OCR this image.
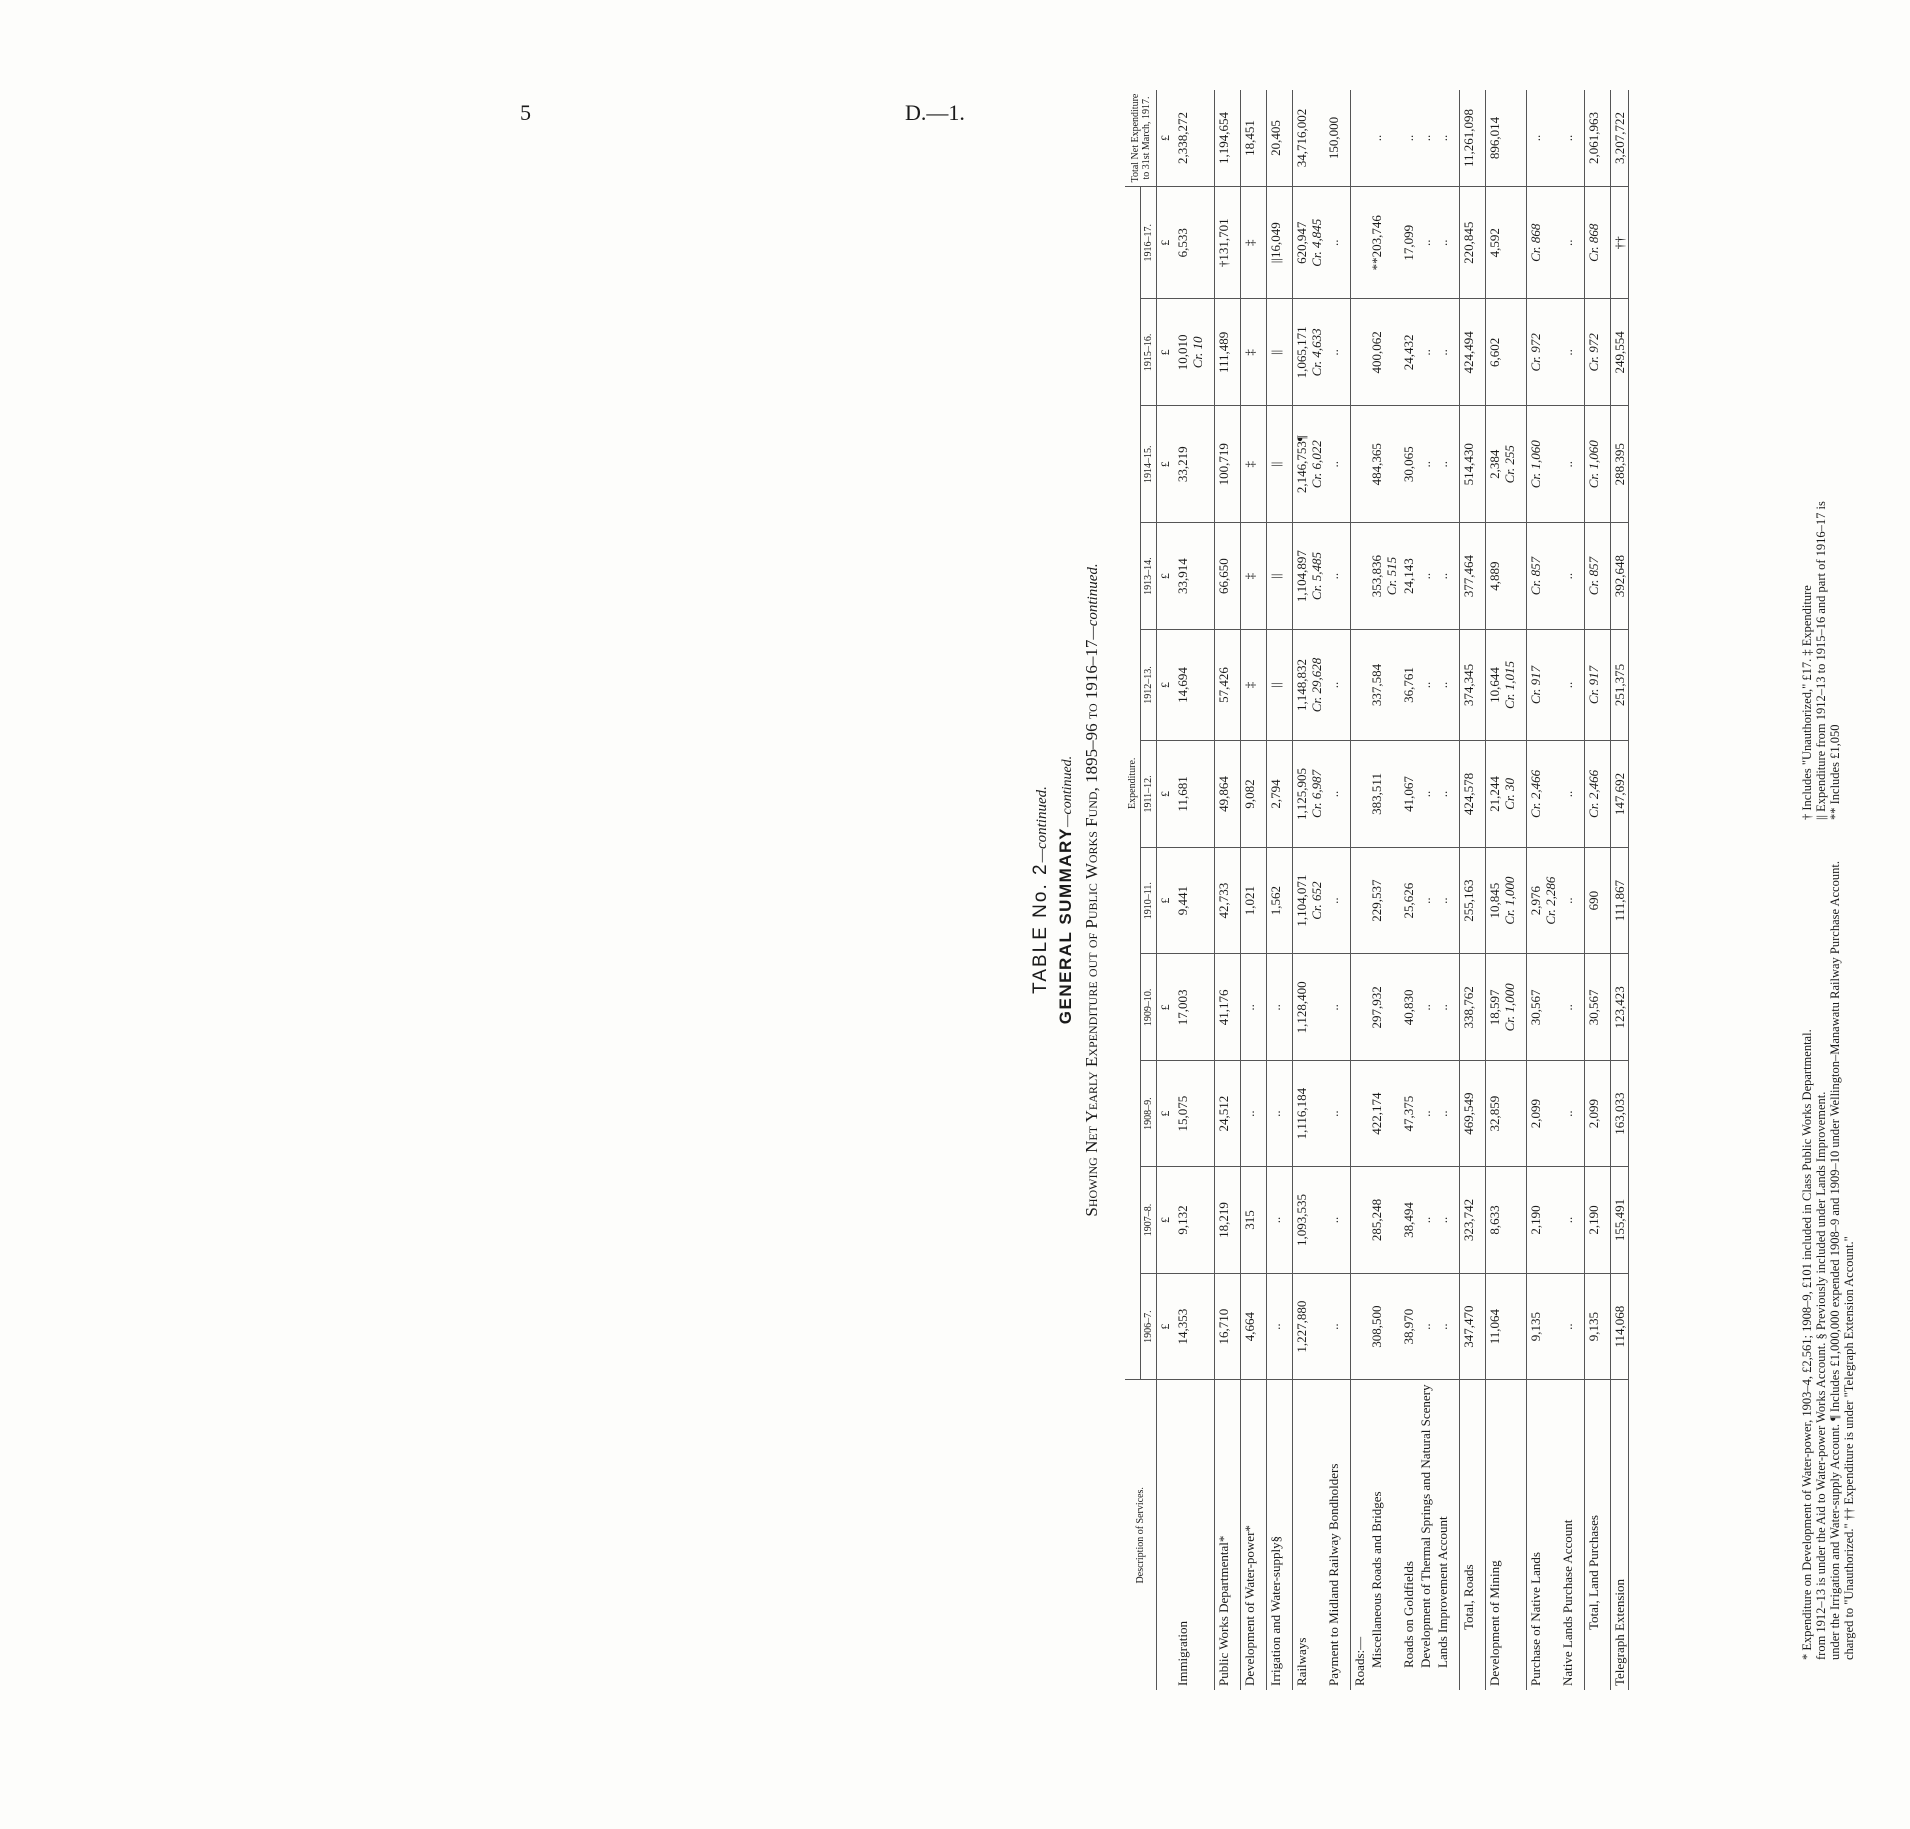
5	D.—1.
TABLE No. 2—continued.
GENERAL SUMMARY—continued. Showing Net Yearly Expenditure out of Public Works Fund, 1895–96 to 1916–17—continued.
Description of Services.	Expenditure.											Total Net Expenditure to 31st March, 1917.
	1906–7.	1907–8.	1908–9.	1909–10.	1910–11.	1911–12.	1912–13.	1913–14.	1914–15.	1915–16.	1916–17.	
	£	£	£	£	£	£	£	£	£	£	£	£
Immigration	14,353	9,132	15,075	17,003	9,441	11,681	14,694	33,914	33,219	10,010 Cr. 10	6,533	2,338,272

Public Works Departmental*	16,710	18,219	24,512	41,176	42,733	49,864	57,426	66,650	100,719	111,489	†131,701	1,194,654

Development of Water-power*	4,664	315	..	..	1,021	9,082	‡	‡	‡	‡	‡	18,451

Irrigation and Water-supply§	..	..	..	..	1,562	2,794	||	||	||	||	||16,049	20,405

Railways	1,227,880	1,093,535	1,116,184	1,128,400	1,104,071 Cr. 652	1,125,905 Cr. 6,987	1,148,832 Cr. 29,628	1,104,897 Cr. 5,485	2,146,753¶ Cr. 6,022	1,065,171 Cr. 4,633	620,947 Cr. 4,845	34,716,002
Payment to Midland Railway Bondholders	..	..	..	..	..	..	..	..	..	..	..	150,000

Roads:—												
Miscellaneous Roads and Bridges	308,500	285,248	422,174	297,932	229,537	383,511	337,584	353,836 Cr. 515	484,365	400,062	**203,746	..
Roads on Goldfields	38,970	38,494	47,375	40,830	25,626	41,067	36,761	24,143	30,065	24,432	17,099	..
Development of Thermal Springs and Natural Scenery	..	..	..	..	..	..	..	..	..	..	..	..
Lands Improvement Account	..	..	..	..	..	..	..	..	..	..	..	..

Total, Roads	347,470	323,742	469,549	338,762	255,163	424,578	374,345	377,464	514,430	424,494	220,845	11,261,098

Development of Mining	11,064	8,633	32,859	18,597 Cr. 1,000	10,845 Cr. 1,000	21,244 Cr. 30	10,644 Cr. 1,015	4,889	2,384 Cr. 255	6,602	4,592	896,014

Purchase of Native Lands	9,135	2,190	2,099	30,567	2,976 Cr. 2,286	Cr. 2,466	Cr. 917	Cr. 857	Cr. 1,060	Cr. 972	Cr. 868	..
Native Lands Purchase Account	..	..	..	..	..	..	..	..	..	..	..	..

Total, Land Purchases	9,135	2,190	2,099	30,567	690	Cr. 2,466	Cr. 917	Cr. 857	Cr. 1,060	Cr. 972	Cr. 868	2,061,963

Telegraph Extension	114,068	155,491	163,033	123,423	111,867	147,692	251,375	392,648	288,395	249,554	††	3,207,722
* Expenditure on Development of Water-power, 1903–4, £2,561; 1908–9, £101 included in Class Public Works Departmental. from 1912–13 is under the Aid to Water-power Works Account. § Previously included under Lands Improvement. under the Irrigation and Water-supply Account. ¶ Includes £1,000,000 expended 1908–9 and 1909–10 under Wellington–Manawatu Railway Purchase Account. charged to "Unauthorized." †† Expenditure is under "Telegraph Extension Account."
† Includes "Unauthorized," £17. ‡ Expenditure || Expenditure from 1912–13 to 1915–16 and part of 1916–17 is ** Includes £1,050
